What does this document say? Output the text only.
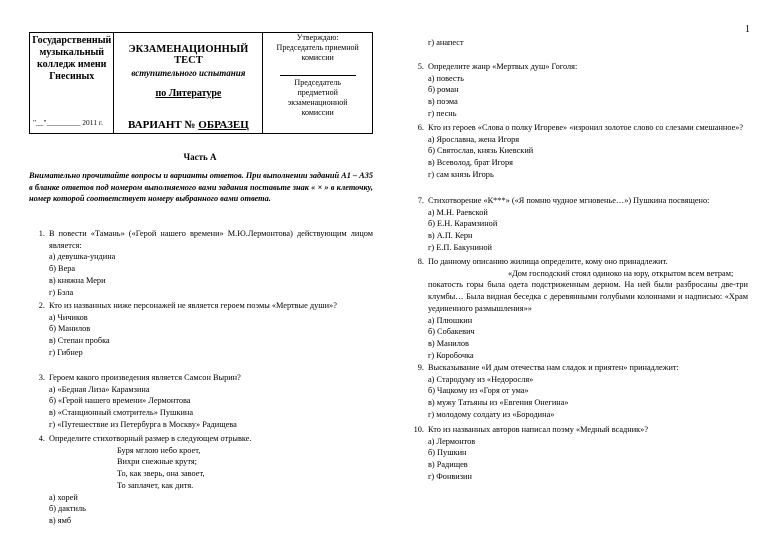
1
Государственный
музыкальный
колледж имени
Гнесиных
"__"_________ 2011 г.

ЭКЗАМЕНАЦИОННЫЙ ТЕСТ
вступительного испытания
по Литературе
ВАРИАНТ № ОБРАЗЕЦ

Утверждаю:
Председатель приемной
комиссии
Председатель
предметной
экзаменационной
комиссии
Часть А
Внимательно прочитайте вопросы и варианты ответов. При выполнении заданий А1 – А35 в бланке ответов под номером выполняемого вами задания поставьте знак « × » в клеточку, номер которой соответствует номеру выбранного вами ответа.
1. В повести «Тамань» («Герой нашего времени» М.Ю.Лермонтова) действующим лицом является:
а) девушка-ундина
б) Вера
в) княжна Мери
г) Бэла
2. Кто из названных ниже персонажей не является героем поэмы «Мертвые души»?
а) Чичиков
б) Манилов
в) Степан пробка
г) Гибнер
3. Героем какого произведения является Самсон Вырин?
а) «Бедная Лиза» Карамзина
б) «Герой нашего времени» Лермонтова
в) «Станционный смотритель» Пушкина
г) «Путешествие из Петербурга в Москву» Радищева
4. Определите стихотворный размер в следующем отрывке.
Буря мглою небо кроет,
Вихри снежные крутя;
То, как зверь, она завоет,
То заплачет, как дитя.
а) хорей
б) дактиль
в) ямб
г) анапест
5. Определите жанр «Мертвых душ» Гоголя:
а) повесть
б) роман
в) поэма
г) песнь
6. Кто из героев «Слова о полку Игореве» «изронил золотое слово со слезами смешанное»?
а) Ярославна, жена Игоря
б) Святослав, князь Киевский
в) Всеволод, брат Игоря
г) сам князь Игорь
7. Стихотворение «К***» («Я помню чудное мгновенье…») Пушкина посвящено:
а) М.Н. Раевской
б) Е.Н. Карамзиной
в) А.П. Керн
г) Е.П. Бакуниной
8. По данному описанию жилища определите, кому оно принадлежит.
«Дом господский стоял одиноко на юру, открытом всем ветрам;
покатость горы была одета подстриженным дерном. На ней были разбросаны две-три клумбы… Была видная беседка с деревянными голубыми колоннами и надписью: «Храм уединенного размышления»»
а) Плюшкин
б) Собакевич
в) Манилов
г) Коробочка
9. Высказывание «И дым отечества нам сладок и приятен» принадлежит:
а) Стародуму из «Недоросля»
б) Чацкому из «Горя от ума»
в) мужу Татьяны из «Евгения Онегина»
г) молодому солдату из «Бородина»
10. Кто из названных авторов написал поэму «Медный всадник»?
а) Лермонтов
б) Пушкин
в) Радищев
г) Фонвизин
